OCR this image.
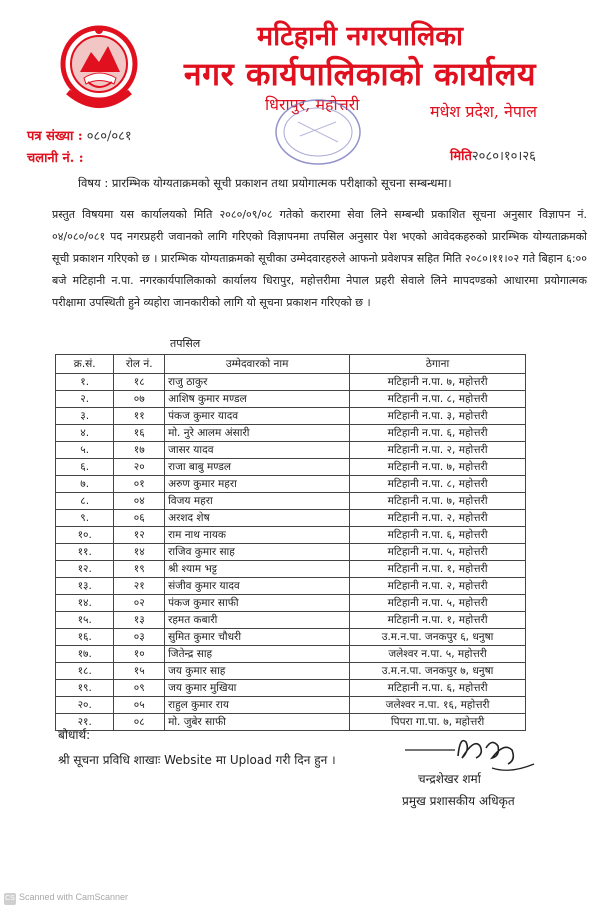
मटिहानी नगरपालिका
नगर कार्यपालिकाको कार्यालय
धिरापुर, महोत्तरी	मधेश प्रदेश, नेपाल
पत्र संख्या : ०८०/०८१
चलानी नं. :	मिति२०८०।१०।२६
विषय : प्रारम्भिक योग्यताक्रमको सूची प्रकाशन तथा प्रयोगात्मक परीक्षाको सूचना सम्बन्धमा।
प्रस्तुत विषयमा यस कार्यालयको मिति २०८०/०९/०८ गतेको करारमा सेवा लिने सम्बन्धी प्रकाशित सूचना अनुसार विज्ञापन नं. ०४/०८०/०८१ पद नगरप्रहरी जवानको लागि गरिएको विज्ञापनमा तपसिल अनुसार पेश भएको आवेदकहरुको प्रारम्भिक योग्यताक्रमको सूची प्रकाशन गरिएको छ । प्रारम्भिक योग्यताक्रमको सूचीका उम्मेदवारहरुले आफनो प्रवेशपत्र सहित मिति २०८०।११।०२ गते बिहान ६:०० बजे मटिहानी न.पा. नगरकार्यपालिकाको कार्यालय धिरापुर, महोत्तरीमा नेपाल प्रहरी सेवाले लिने मापदण्डको आधारमा प्रयोगात्मक परीक्षामा उपस्थिती हुने व्यहोरा जानकारीको लागि यो सूचना प्रकाशन गरिएको छ ।
तपसिल
क्र.सं.	रोल नं.	उम्मेदवारको नाम	ठेगाना
१.	१८	राजु ठाकुर	मटिहानी न.पा. ७, महोत्तरी
२.	०७	आशिष कुमार मण्डल	मटिहानी न.पा. ८, महोत्तरी
३.	११	पंकज कुमार यादव	मटिहानी न.पा. ३, महोत्तरी
४.	१६	मो. नुरे आलम अंसारी	मटिहानी न.पा. ६, महोत्तरी
५.	१७	जासर यादव	मटिहानी न.पा. २, महोत्तरी
६.	२०	राजा बाबु मण्डल	मटिहानी न.पा. ७, महोत्तरी
७.	०१	अरुण कुमार महरा	मटिहानी न.पा. ८, महोत्तरी
८.	०४	विजय महरा	मटिहानी न.पा. ७, महोत्तरी
९.	०६	अरशद शेष	मटिहानी न.पा. २, महोत्तरी
१०.	१२	राम नाथ नायक	मटिहानी न.पा. ६, महोत्तरी
११.	१४	राजिव कुमार साह	मटिहानी न.पा. ५, महोत्तरी
१२.	१९	श्री श्याम भट्ट	मटिहानी न.पा. १, महोत्तरी
१३.	२१	संजीव कुमार यादव	मटिहानी न.पा. २, महोत्तरी
१४.	०२	पंकज कुमार साफी	मटिहानी न.पा. ५, महोत्तरी
१५.	१३	रहमत कबारी	मटिहानी न.पा. १, महोत्तरी
१६.	०३	सुमित कुमार चौधरी	उ.म.न.पा. जनकपुर ६, धनुषा
१७.	१०	जितेन्द्र साह	जलेश्वर न.पा. ५, महोत्तरी
१८.	१५	जय कुमार साह	उ.म.न.पा. जनकपुर ७, धनुषा
१९.	०९	जय कुमार मुखिया	मटिहानी न.पा. ६, महोत्तरी
२०.	०५	राहुल कुमार राय	जलेश्वर न.पा. १६, महोत्तरी
२१.	०८	मो. जुबेर साफी	पिपरा गा.पा. ७, महोत्तरी
बोधार्थ:
श्री सूचना प्रविधि शाखाः Website मा Upload गरी दिन हुन ।
चन्द्रशेखर शर्मा
प्रमुख प्रशासकीय अधिकृत
CS Scanned with CamScanner
